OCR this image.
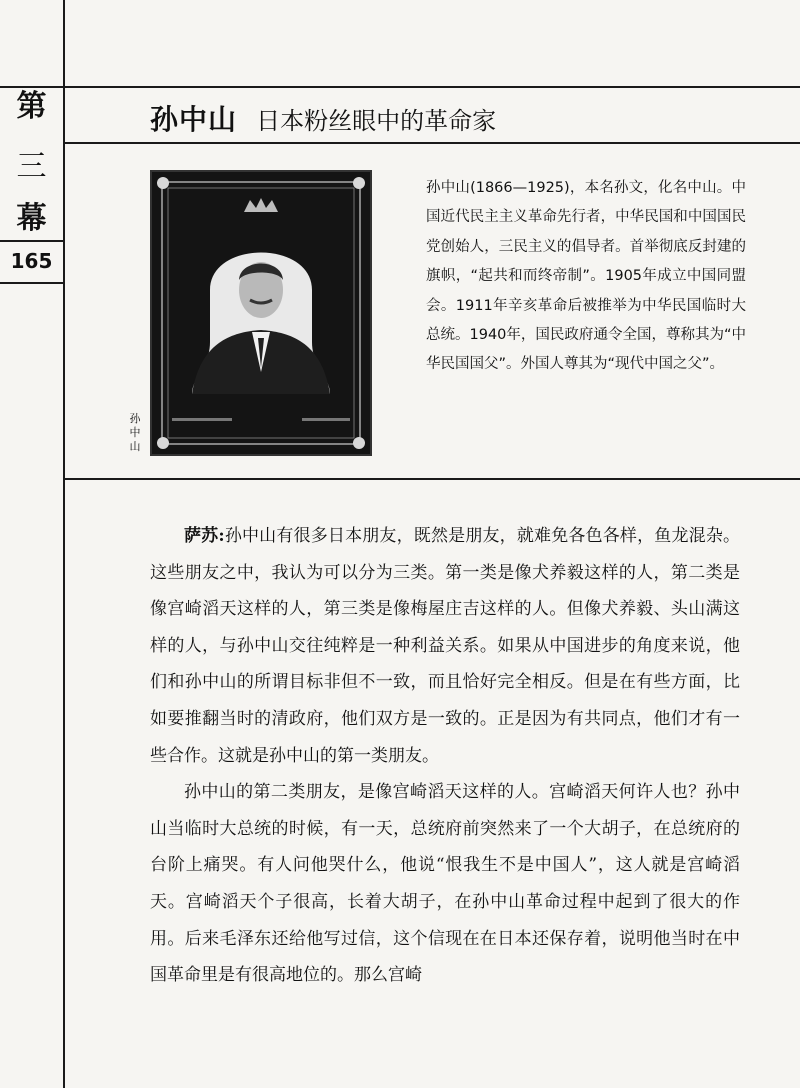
第
三
幕
165
孙中山 日本粉丝眼中的革命家
孙中山
孙中山(1866—1925)，本名孙文，化名中山。中国近代民主主义革命先行者，中华民国和中国国民党创始人，三民主义的倡导者。首举彻底反封建的旗帜，“起共和而终帝制”。1905年成立中国同盟会。1911年辛亥革命后被推举为中华民国临时大总统。1940年，国民政府通令全国，尊称其为“中华民国国父”。外国人尊其为“现代中国之父”。

萨苏:孙中山有很多日本朋友，既然是朋友，就难免各色各样，鱼龙混杂。这些朋友之中，我认为可以分为三类。第一类是像犬养毅这样的人，第二类是像宫崎滔天这样的人，第三类是像梅屋庄吉这样的人。但像犬养毅、头山满这样的人，与孙中山交往纯粹是一种利益关系。如果从中国进步的角度来说，他们和孙中山的所谓目标非但不一致，而且恰好完全相反。但是在有些方面，比如要推翻当时的清政府，他们双方是一致的。正是因为有共同点，他们才有一些合作。这就是孙中山的第一类朋友。

孙中山的第二类朋友，是像宫崎滔天这样的人。宫崎滔天何许人也？孙中山当临时大总统的时候，有一天，总统府前突然来了一个大胡子，在总统府的台阶上痛哭。有人问他哭什么，他说“恨我生不是中国人”，这人就是宫崎滔天。宫崎滔天个子很高，长着大胡子，在孙中山革命过程中起到了很大的作用。后来毛泽东还给他写过信，这个信现在在日本还保存着，说明他当时在中国革命里是有很高地位的。那么宫崎
